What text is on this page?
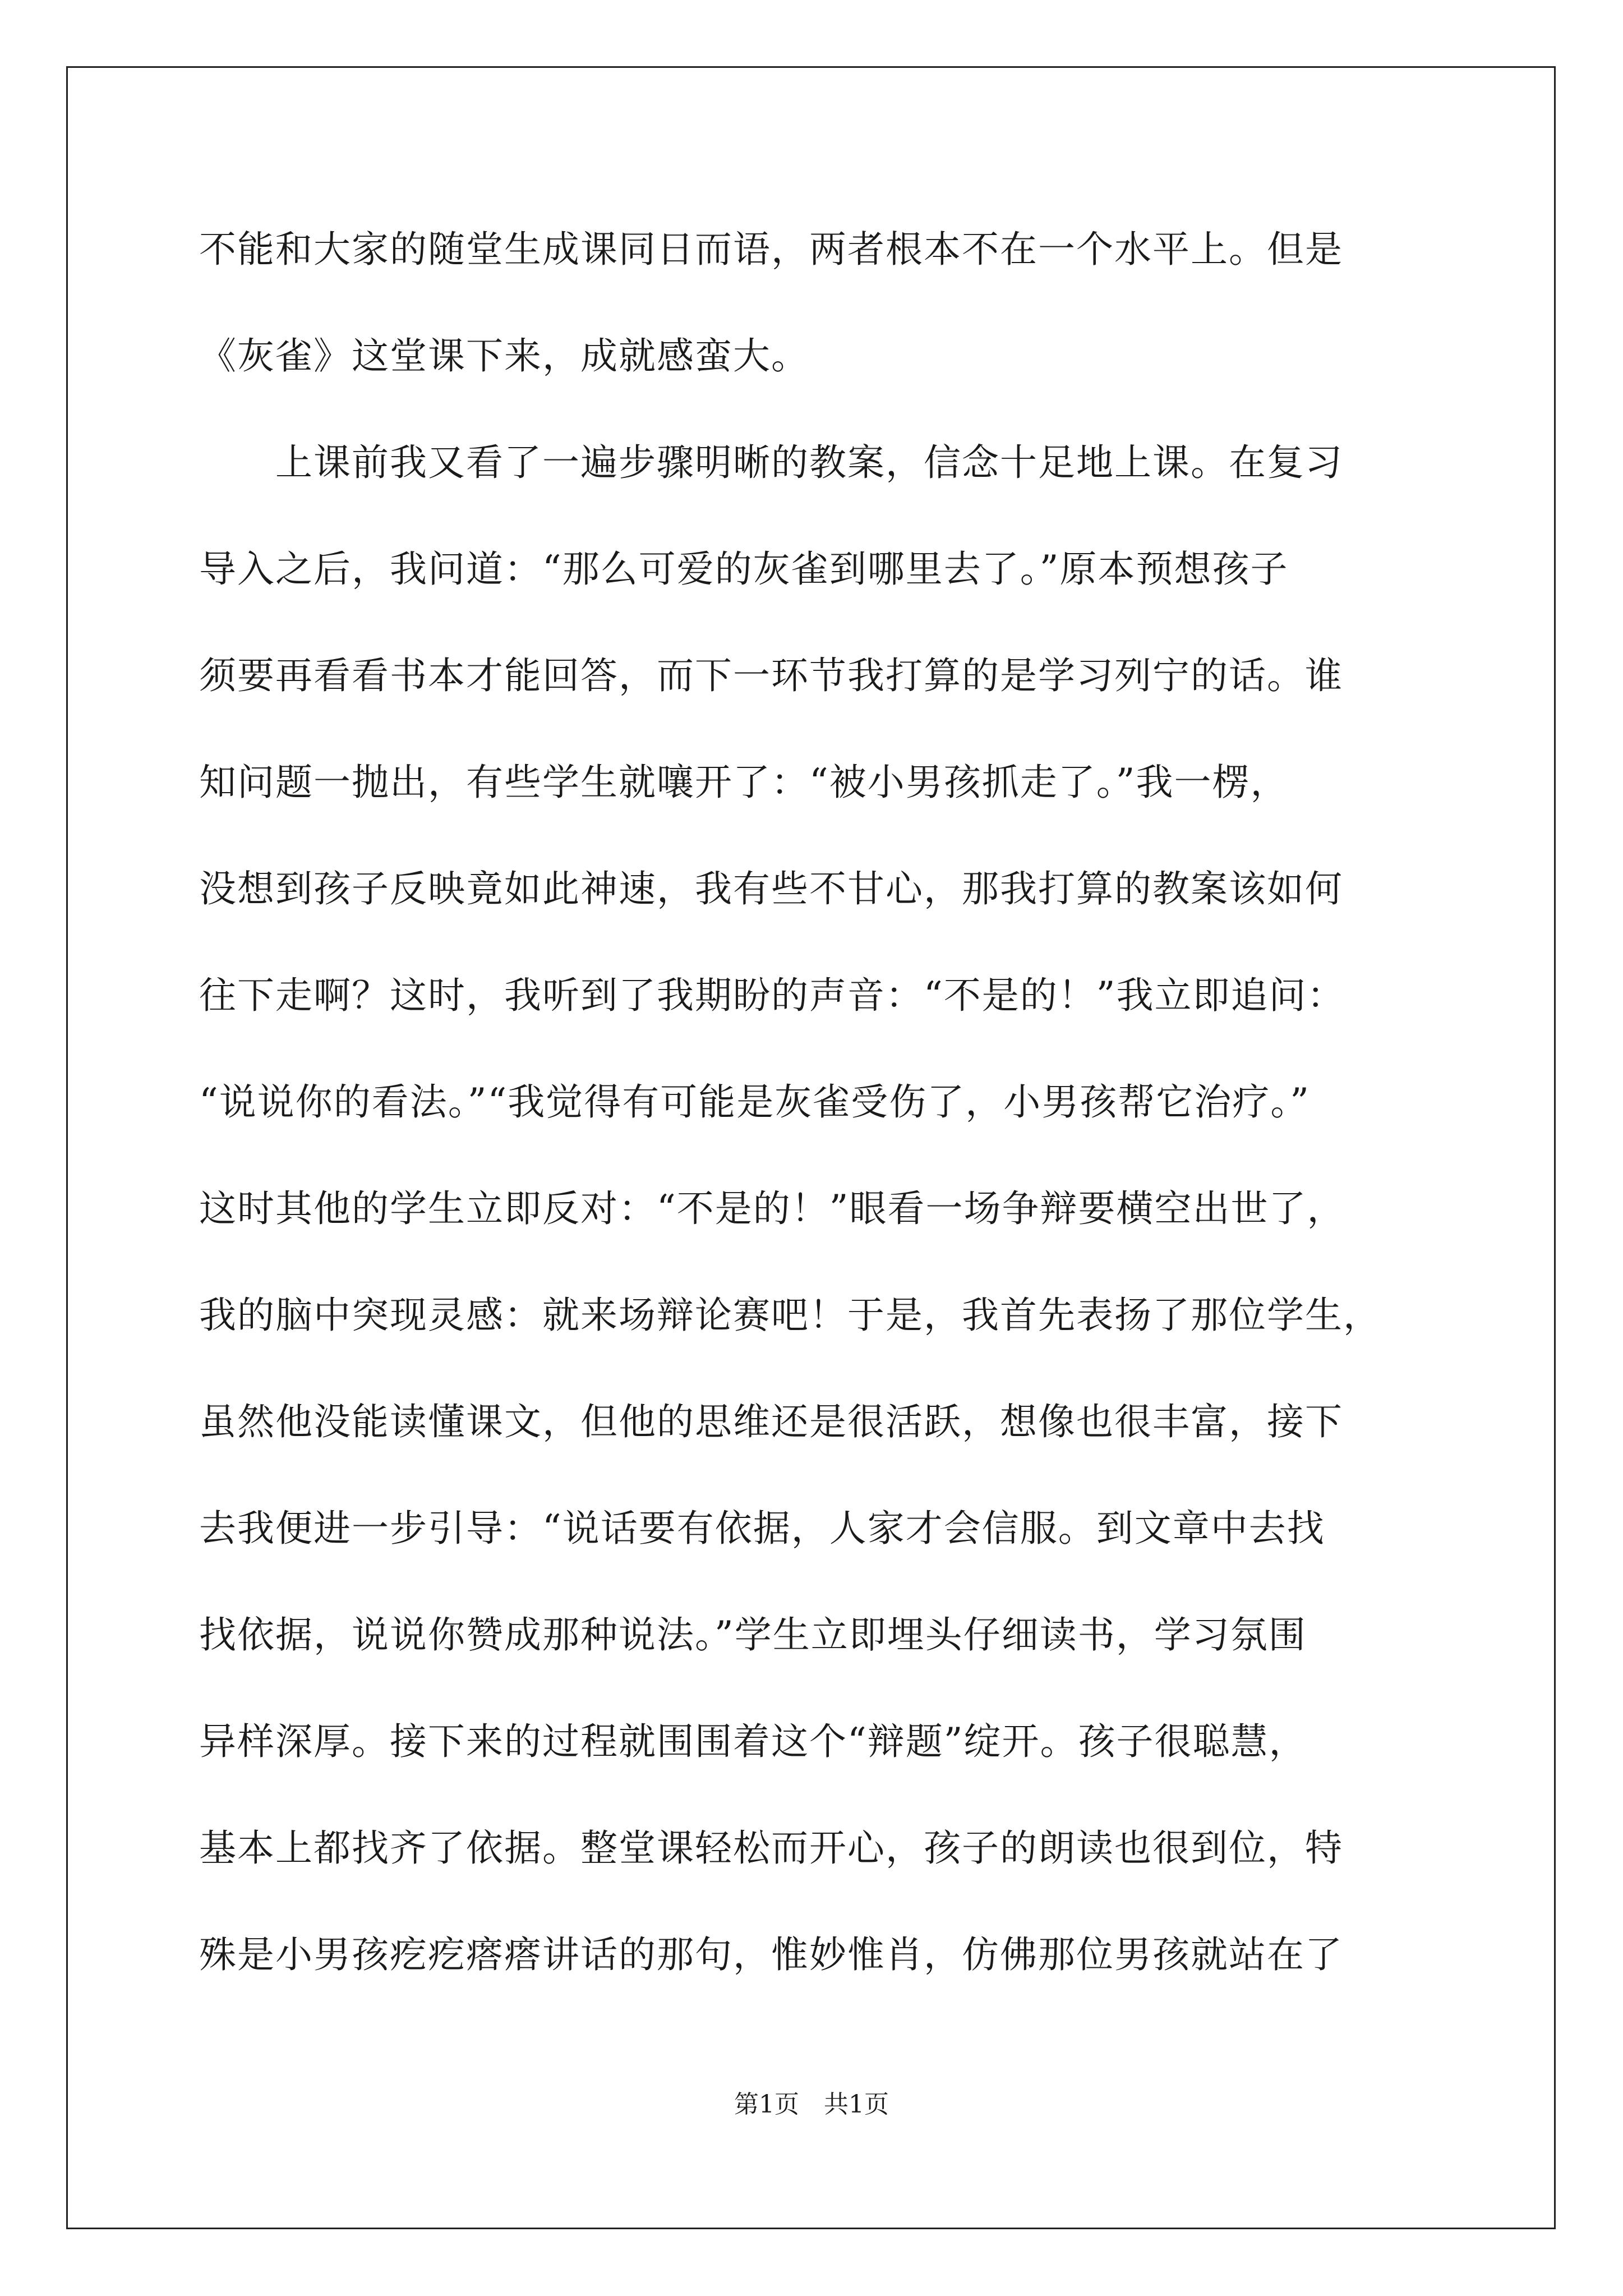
不能和大家的随堂生成课同日而语，两者根本不在一个水平上。但是
《灰雀》这堂课下来，成就感蛮大。
　　上课前我又看了一遍步骤明晰的教案，信念十足地上课。在复习
导入之后，我问道：“那么可爱的灰雀到哪里去了。”原本预想孩子
须要再看看书本才能回答，而下一环节我打算的是学习列宁的话。谁
知问题一抛出，有些学生就嚷开了：“被小男孩抓走了。”我一楞，
没想到孩子反映竟如此神速，我有些不甘心，那我打算的教案该如何
往下走啊？这时，我听到了我期盼的声音：“不是的！”我立即追问：
“说说你的看法。”“我觉得有可能是灰雀受伤了，小男孩帮它治疗。”
这时其他的学生立即反对：“不是的！”眼看一场争辩要横空出世了，
我的脑中突现灵感：就来场辩论赛吧！于是，我首先表扬了那位学生，
虽然他没能读懂课文，但他的思维还是很活跃，想像也很丰富，接下
去我便进一步引导：“说话要有依据，人家才会信服。到文章中去找
找依据，说说你赞成那种说法。”学生立即埋头仔细读书，学习氛围
异样深厚。接下来的过程就围围着这个“辩题”绽开。孩子很聪慧，
基本上都找齐了依据。整堂课轻松而开心，孩子的朗读也很到位，特
殊是小男孩疙疙瘩瘩讲话的那句，惟妙惟肖，仿佛那位男孩就站在了
第1页 共1页
